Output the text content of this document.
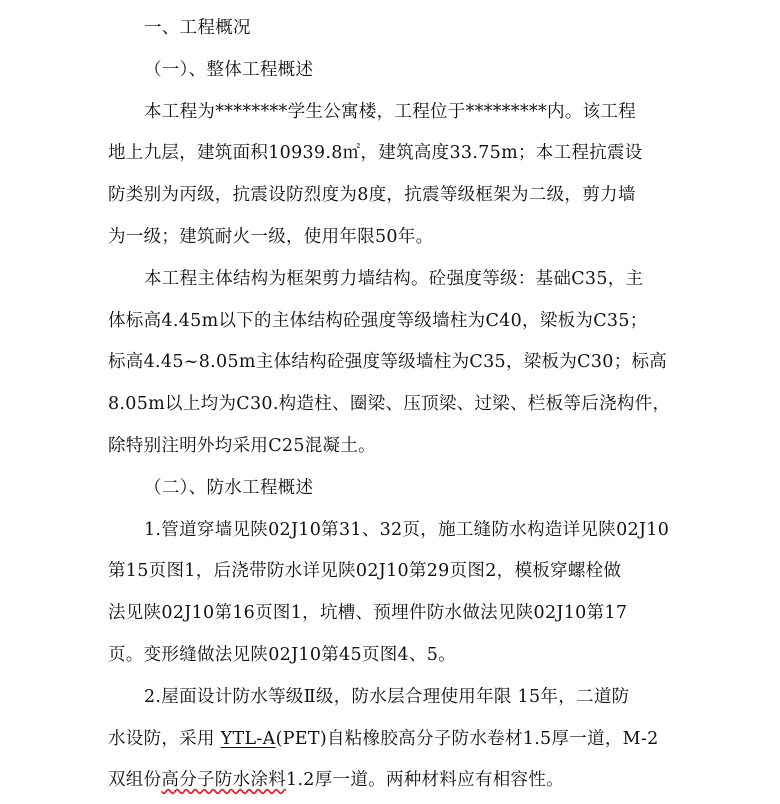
一、工程概况
（一）、整体工程概述
本工程为********学生公寓楼，工程位于*********内。该工程
地上九层，建筑面积10939.8㎡，建筑高度33.75m；本工程抗震设
防类别为丙级，抗震设防烈度为8度，抗震等级框架为二级，剪力墙
为一级；建筑耐火一级，使用年限50年。
本工程主体结构为框架剪力墙结构。砼强度等级：基础C35，主
体标高4.45m以下的主体结构砼强度等级墙柱为C40，梁板为C35；
标高4.45~8.05m主体结构砼强度等级墙柱为C35，梁板为C30；标高
8.05m以上均为C30.构造柱、圈梁、压顶梁、过梁、栏板等后浇构件，
除特别注明外均采用C25混凝土。
（二）、防水工程概述
1.管道穿墙见陕02J10第31、32页，施工缝防水构造详见陕02J10
第15页图1，后浇带防水详见陕02J10第29页图2，模板穿螺栓做
法见陕02J10第16页图1，坑槽、预埋件防水做法见陕02J10第17
页。变形缝做法见陕02J10第45页图4、5。
2.屋面设计防水等级Ⅱ级，防水层合理使用年限 15年，二道防
水设防，采用 YTL-A(PET)自粘橡胶高分子防水卷材1.5厚一道，M-2
双组份高分子防水涂料1.2厚一道。两种材料应有相容性。
